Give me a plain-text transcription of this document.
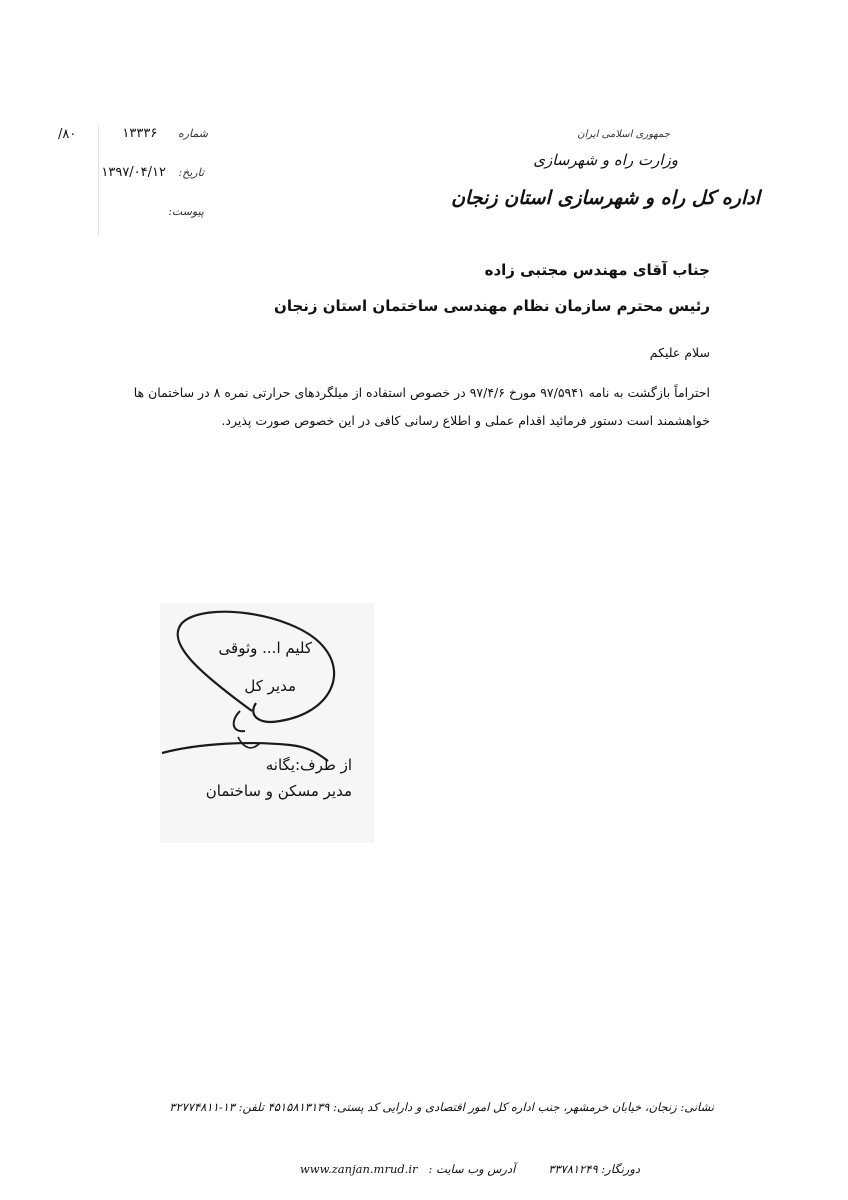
شماره     ۱۳۳۳۶
۸۰/
تاریخ:   ۱۳۹۷/۰۴/۱۲
پیوست:
جمهوری اسلامی ایران
وزارت راه و شهرسازی
اداره کل راه و شهرسازی استان زنجان
جناب آقای مهندس مجتبی زاده
رئیس محترم سازمان نظام مهندسی ساختمان استان زنجان
سلام علیکم
احتراماً بازگشت به نامه ۹۷/۵۹۴۱ مورخ ۹۷/۴/۶ در خصوص استفاده از میلگردهای حرارتی نمره ۸ در ساختمان ها
خواهشمند است دستور فرمائید اقدام عملی و اطلاع رسانی کافی در این خصوص صورت پذیرد.
کلیم ا... وثوقی
مدیر کل
از طرف:یگانه
مدیر مسکن و ساختمان
نشانی: زنجان، خیابان خرمشهر، جنب اداره کل امور اقتصادی و دارایی کد پستی: ۴۵۱۵۸۱۳۱۳۹ تلفن: ۱۳-۳۲۷۷۴۸۱۱
دورنگار: ۳۳۷۸۱۲۴۹         آدرس وب سایت :   www.zanjan.mrud.ir
